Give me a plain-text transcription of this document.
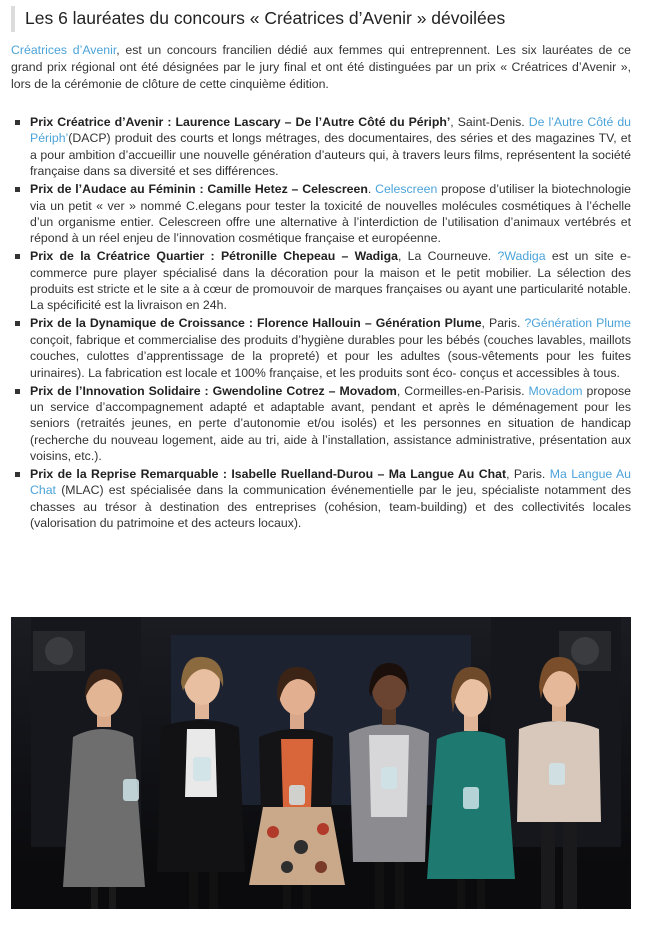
Les 6 lauréates du concours « Créatrices d’Avenir » dévoilées

Créatrices d’Avenir, est un concours francilien dédié aux femmes qui entreprennent. Les six lauréates de ce grand prix régional ont été désignées par le jury final et ont été distinguées par un prix « Créatrices d’Avenir », lors de la cérémonie de clôture de cette cinquième édition.

Prix Créatrice d’Avenir : Laurence Lascary – De l’Autre Côté du Périph’, Saint-Denis. De l’Autre Côté du Périph’(DACP) produit des courts et longs métrages, des documentaires, des séries et des magazines TV, et a pour ambition d’accueillir une nouvelle génération d’auteurs qui, à travers leurs films, représentent la société française dans sa diversité et ses différences.
Prix de l’Audace au Féminin : Camille Hetez – Celescreen. Celescreen propose d’utiliser la biotechnologie via un petit « ver » nommé C.elegans pour tester la toxicité de nouvelles molécules cosmétiques à l’échelle d’un organisme entier. Celescreen offre une alternative à l’interdiction de l’utilisation d’animaux vertébrés et répond à un réel enjeu de l’innovation cosmétique française et européenne.
Prix de la Créatrice Quartier : Pétronille Chepeau – Wadiga, La Courneuve. ?Wadiga est un site e-commerce pure player spécialisé dans la décoration pour la maison et le petit mobilier. La sélection des produits est stricte et le site a à cœur de promouvoir de marques françaises ou ayant une particularité notable. La spécificité est la livraison en 24h.
Prix de la Dynamique de Croissance : Florence Hallouin – Génération Plume, Paris. ?Génération Plume conçoit, fabrique et commercialise des produits d’hygiène durables pour les bébés (couches lavables, maillots couches, culottes d’apprentissage de la propreté) et pour les adultes (sous-vêtements pour les fuites urinaires). La fabrication est locale et 100% française, et les produits sont éco- conçus et accessibles à tous.
Prix de l’Innovation Solidaire : Gwendoline Cotrez – Movadom, Cormeilles-en-Parisis. Movadom propose un service d’accompagnement adapté et adaptable avant, pendant et après le déménagement pour les seniors (retraités jeunes, en perte d’autonomie et/ou isolés) et les personnes en situation de handicap (recherche du nouveau logement, aide au tri, aide à l’installation, assistance administrative, présentation aux voisins, etc.).
Prix de la Reprise Remarquable : Isabelle Ruelland-Durou – Ma Langue Au Chat, Paris. Ma Langue Au Chat (MLAC) est spécialisée dans la communication événementielle par le jeu, spécialiste notamment des chasses au trésor à destination des entreprises (cohésion, team-building) et des collectivités locales (valorisation du patrimoine et des acteurs locaux).
